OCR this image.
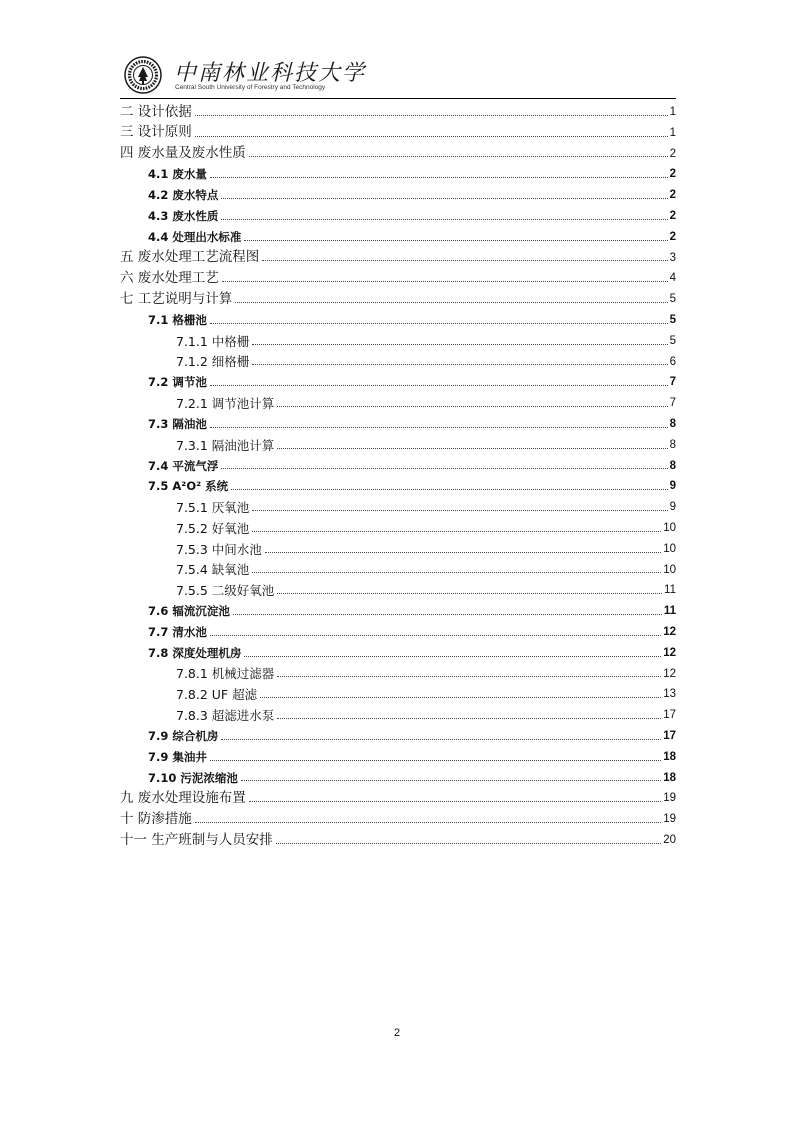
中南林业科技大学
Central South University of Forestry and Technology
二 设计依据	1
三 设计原则	1
四 废水量及废水性质	2
4.1 废水量	2
4.2 废水特点	2
4.3 废水性质	2
4.4 处理出水标准	2
五 废水处理工艺流程图	3
六 废水处理工艺	4
七 工艺说明与计算	5
7.1 格栅池	5
7.1.1 中格栅	5
7.1.2 细格栅	6
7.2 调节池	7
7.2.1 调节池计算	7
7.3 隔油池	8
7.3.1 隔油池计算	8
7.4 平流气浮	8
7.5 A²O² 系统	9
7.5.1 厌氧池	9
7.5.2 好氧池	10
7.5.3 中间水池	10
7.5.4 缺氧池	10
7.5.5 二级好氧池	11
7.6 辐流沉淀池	11
7.7 清水池	12
7.8 深度处理机房	12
7.8.1 机械过滤器	12
7.8.2 UF 超滤	13
7.8.3 超滤进水泵	17
7.9 综合机房	17
7.9 集油井	18
7.10 污泥浓缩池	18
九 废水处理设施布置	19
十 防渗措施	19
十一 生产班制与人员安排	20
2
